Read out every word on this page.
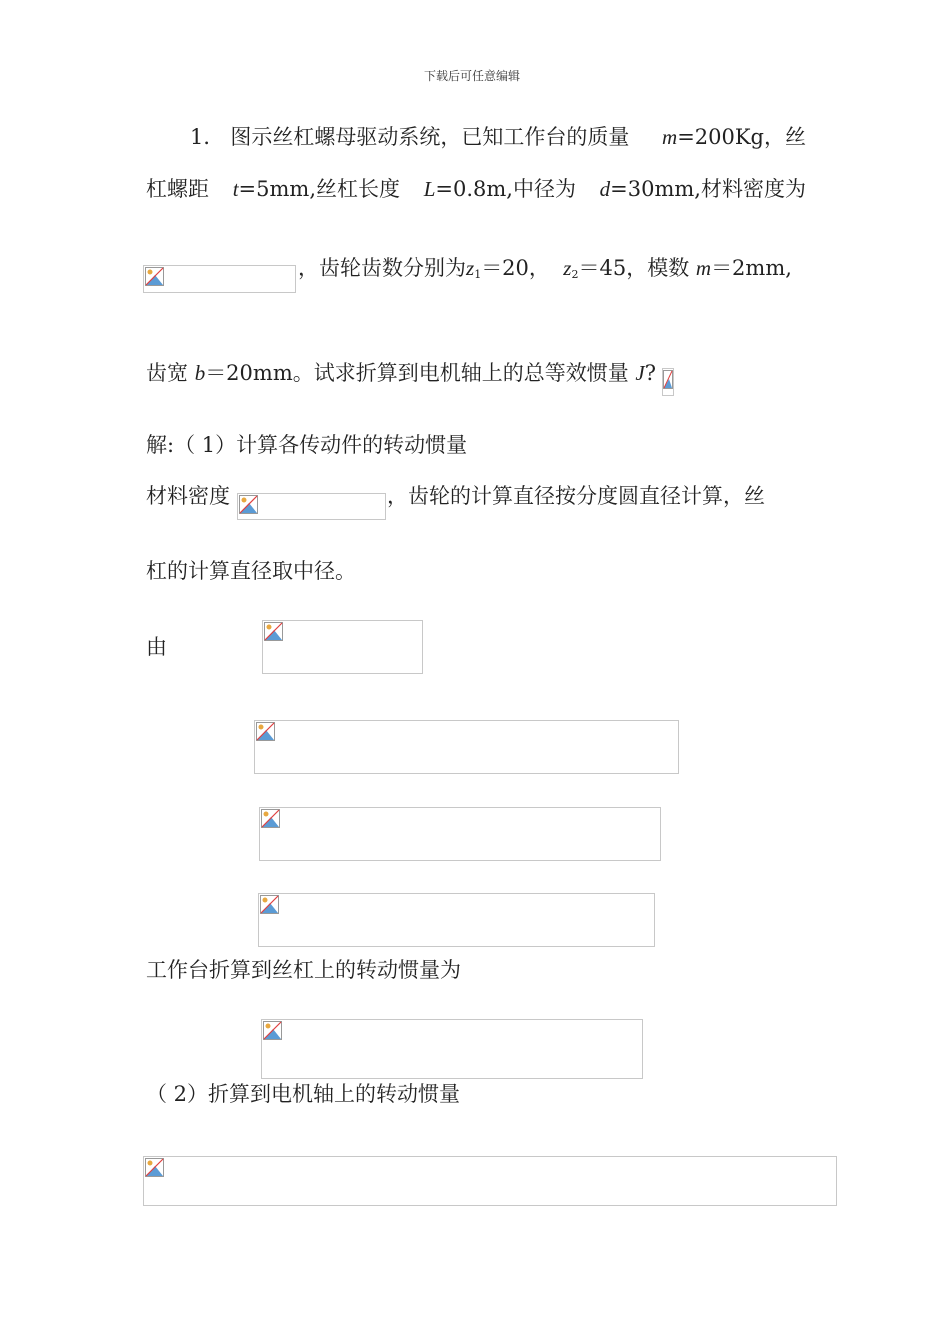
下载后可任意编辑
1． 图示丝杠螺母驱动系统，已知工作台的质量 m=200Kg，丝
杠螺距 t=5mm,丝杠长度 L=0.8m,中径为 d=30mm,材料密度为
，齿轮齿数分别为$z_1=20$， $z_2=45$，模数 m＝2mm,
齿宽 b＝20mm。试求折算到电机轴上的总等效惯量 J?
解:（ 1）计算各传动件的转动惯量
材料密度	，齿轮的计算直径按分度圆直径计算，丝
杠的计算直径取中径。
由
工作台折算到丝杠上的转动惯量为
（ 2）折算到电机轴上的转动惯量
